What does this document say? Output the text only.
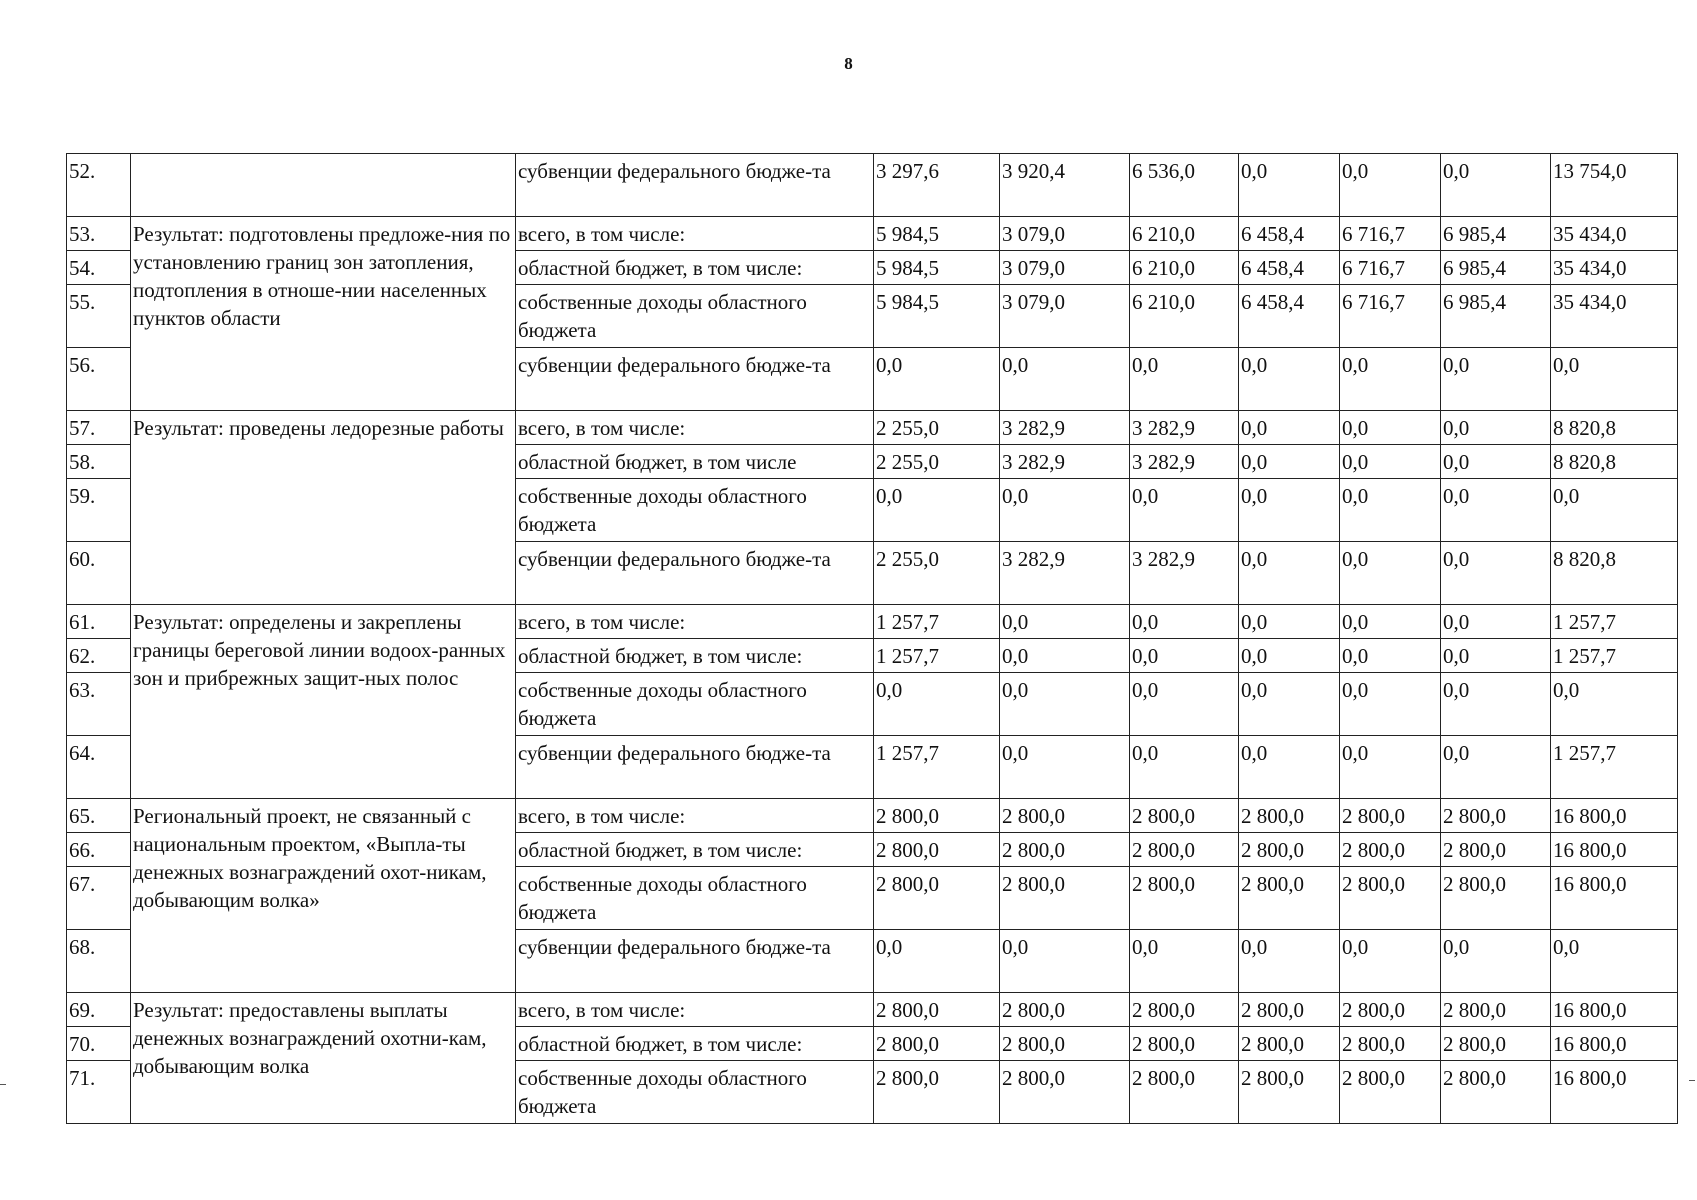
8
52.		субвенции федерального бюдже-та	3 297,6	3 920,4	6 536,0	0,0	0,0	0,0	13 754,0
53.	Результат: подготовлены предложе-ния по установлению границ зон затопления, подтопления в отноше-нии населенных пунктов области	всего, в том числе:	5 984,5	3 079,0	6 210,0	6 458,4	6 716,7	6 985,4	35 434,0
54.		областной бюджет, в том числе:	5 984,5	3 079,0	6 210,0	6 458,4	6 716,7	6 985,4	35 434,0
55.		собственные доходы областного бюджета	5 984,5	3 079,0	6 210,0	6 458,4	6 716,7	6 985,4	35 434,0
56.		субвенции федерального бюдже-та	0,0	0,0	0,0	0,0	0,0	0,0	0,0
57.	Результат: проведены ледорезные работы	всего, в том числе:	2 255,0	3 282,9	3 282,9	0,0	0,0	0,0	8 820,8
58.		областной бюджет, в том числе	2 255,0	3 282,9	3 282,9	0,0	0,0	0,0	8 820,8
59.		собственные доходы областного бюджета	0,0	0,0	0,0	0,0	0,0	0,0	0,0
60.		субвенции федерального бюдже-та	2 255,0	3 282,9	3 282,9	0,0	0,0	0,0	8 820,8
61.	Результат: определены и закреплены границы береговой линии водоох-ранных зон и прибрежных защит-ных полос	всего, в том числе:	1 257,7	0,0	0,0	0,0	0,0	0,0	1 257,7
62.		областной бюджет, в том числе:	1 257,7	0,0	0,0	0,0	0,0	0,0	1 257,7
63.		собственные доходы областного бюджета	0,0	0,0	0,0	0,0	0,0	0,0	0,0
64.		субвенции федерального бюдже-та	1 257,7	0,0	0,0	0,0	0,0	0,0	1 257,7
65.	Региональный проект, не связанный с национальным проектом, «Выпла-ты денежных вознаграждений охот-никам, добывающим волка»	всего, в том числе:	2 800,0	2 800,0	2 800,0	2 800,0	2 800,0	2 800,0	16 800,0
66.		областной бюджет, в том числе:	2 800,0	2 800,0	2 800,0	2 800,0	2 800,0	2 800,0	16 800,0
67.		собственные доходы областного бюджета	2 800,0	2 800,0	2 800,0	2 800,0	2 800,0	2 800,0	16 800,0
68.		субвенции федерального бюдже-та	0,0	0,0	0,0	0,0	0,0	0,0	0,0
69.	Результат: предоставлены выплаты денежных вознаграждений охотни-кам, добывающим волка	всего, в том числе:	2 800,0	2 800,0	2 800,0	2 800,0	2 800,0	2 800,0	16 800,0
70.		областной бюджет, в том числе:	2 800,0	2 800,0	2 800,0	2 800,0	2 800,0	2 800,0	16 800,0
71.		собственные доходы областного бюджета	2 800,0	2 800,0	2 800,0	2 800,0	2 800,0	2 800,0	16 800,0
